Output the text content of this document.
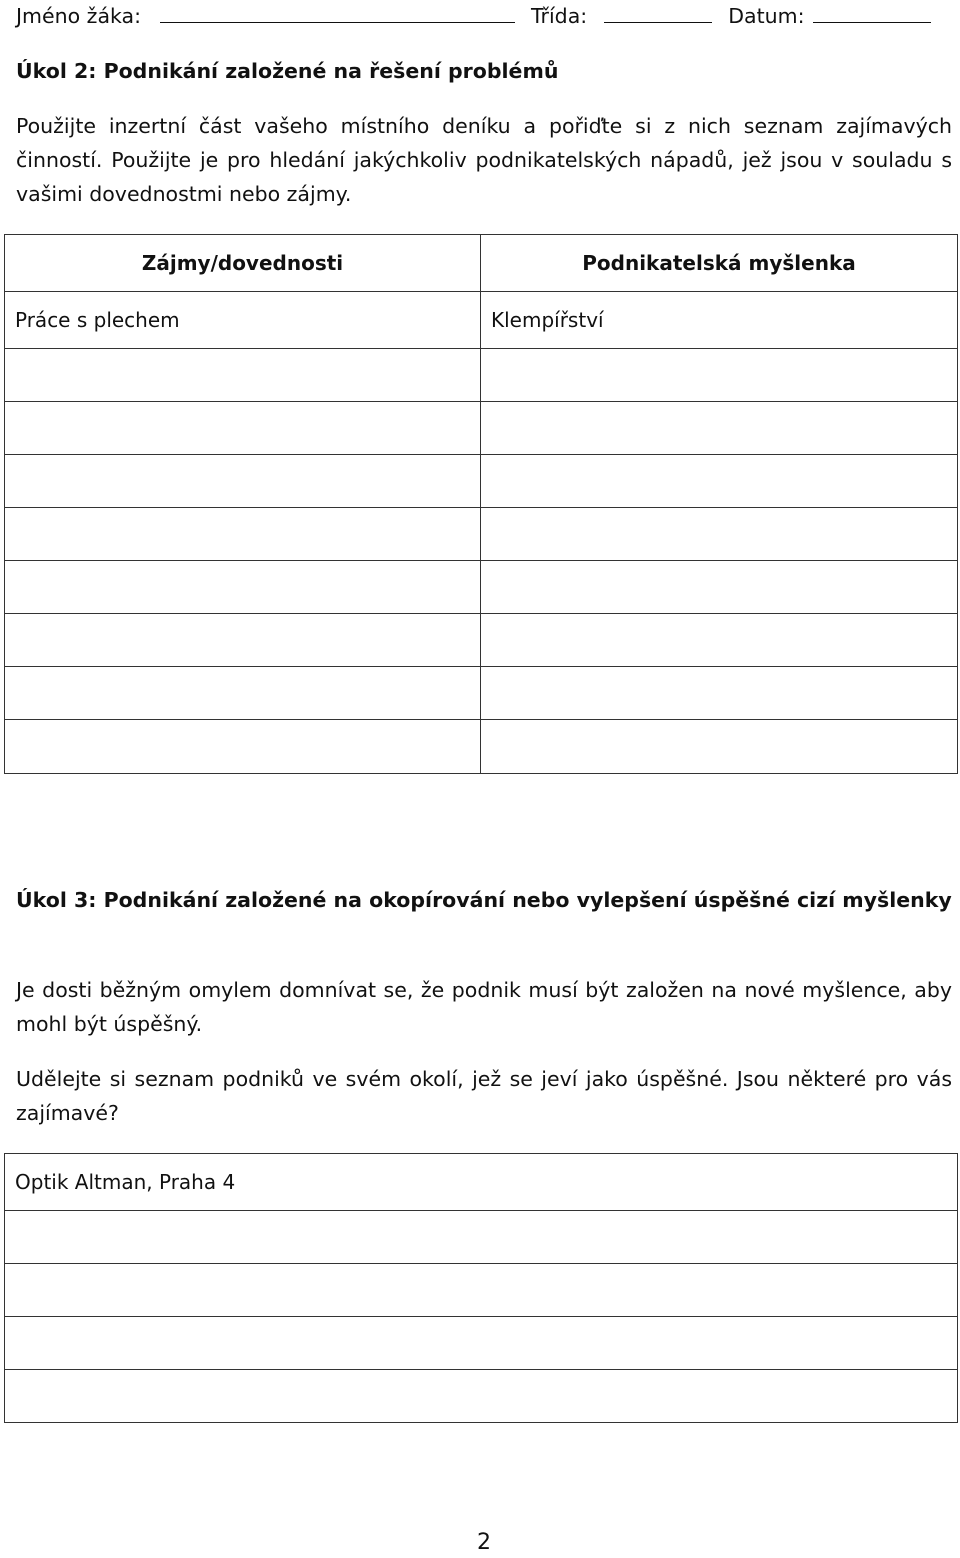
Jméno žáka:	Třída:	Datum:
Úkol 2: Podnikání založené na řešení problémů

Použijte inzertní část vašeho místního deníku a pořiďte si z nich seznam zajímavých činností. Použijte je pro hledání jakýchkoliv podnikatelských nápadů, jež jsou v souladu s vašimi dovednostmi nebo zájmy.

Zájmy/dovednosti	Podnikatelská myšlenka
Práce s plechem	Klempířství

Úkol 3: Podnikání založené na okopírování nebo vylepšení úspěšné cizí myšlenky

Je dosti běžným omylem domnívat se, že podnik musí být založen na nové myšlence, aby mohl být úspěšný.

Udělejte si seznam podniků ve svém okolí, jež se jeví jako úspěšné. Jsou některé pro vás zajímavé?

Optik Altman, Praha 4

2
